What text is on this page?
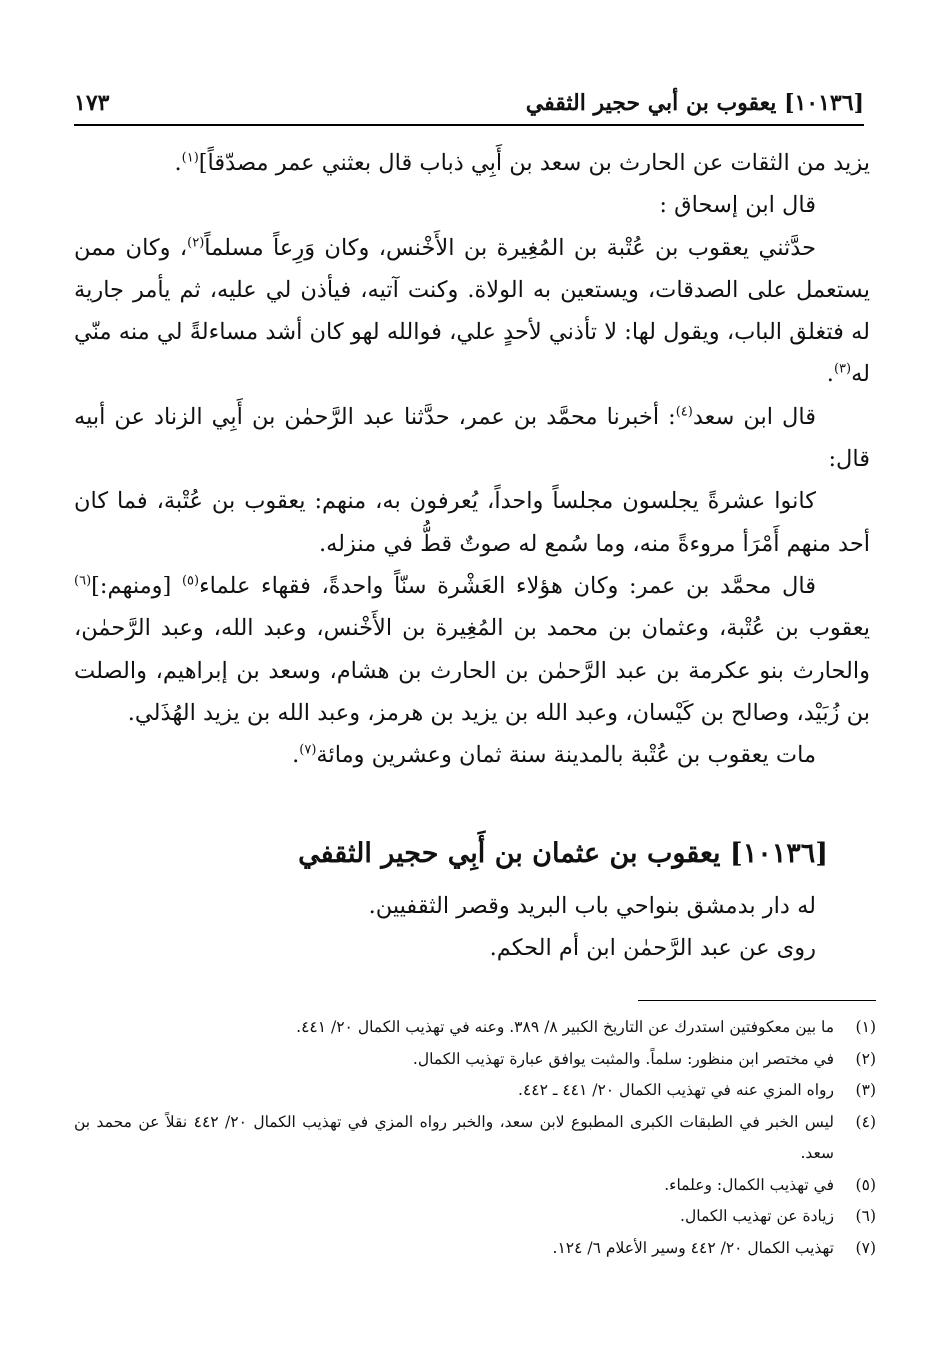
[١٠١٣٦] يعقوب بن أبي حجير الثقفي
١٧٣

يزيد من الثقات عن الحارث بن سعد بن أَبِي ذباب قال بعثني عمر مصدّقاً]$^{(١)}$.

قال ابن إسحاق :

حدَّثني يعقوب بن عُتْبة بن المُغِيرة بن الأَخْنس، وكان وَرِعاً مسلماً$^{(٢)}$، وكان ممن يستعمل على الصدقات، ويستعين به الولاة. وكنت آتيه، فيأذن لي عليه، ثم يأمر جارية له فتغلق الباب، ويقول لها: لا تأذني لأحدٍ علي، فوالله لهو كان أشد مساءلةً لي منه منّي له$^{(٣)}$.

قال ابن سعد$^{(٤)}$: أخبرنا محمَّد بن عمر، حدَّثنا عبد الرَّحمٰن بن أَبِي الزناد عن أبيه قال:

كانوا عشرةً يجلسون مجلساً واحداً، يُعرفون به، منهم: يعقوب بن عُتْبة، فما كان أحد منهم أَمْرَأ مروءةً منه، وما سُمع له صوتٌ قطُّ في منزله.

قال محمَّد بن عمر: وكان هؤلاء العَشْرة سنّاً واحدةً، فقهاء علماء$^{(٥)}$ [ومنهم:]$^{(٦)}$ يعقوب بن عُتْبة، وعثمان بن محمد بن المُغِيرة بن الأَخْنس، وعبد الله، وعبد الرَّحمٰن، والحارث بنو عكرمة بن عبد الرَّحمٰن بن الحارث بن هشام، وسعد بن إبراهيم، والصلت بن زُبَيْد، وصالح بن كَيْسان، وعبد الله بن يزيد بن هرمز، وعبد الله بن يزيد الهُذَلي.

مات يعقوب بن عُتْبة بالمدينة سنة ثمان وعشرين ومائة$^{(٧)}$.

[١٠١٣٦] يعقوب بن عثمان بن أَبِي حجير الثقفي

له دار بدمشق بنواحي باب البريد وقصر الثقفيين.

روى عن عبد الرَّحمٰن ابن أم الحكم.

(١)
ما بين معكوفتين استدرك عن التاريخ الكبير ٨/ ٣٨٩. وعنه في تهذيب الكمال ٢٠/ ٤٤١.
(٢)
في مختصر ابن منظور: سلماً. والمثبت يوافق عبارة تهذيب الكمال.
(٣)
رواه المزي عنه في تهذيب الكمال ٢٠/ ٤٤١ ـ ٤٤٢.
(٤)
ليس الخبر في الطبقات الكبرى المطبوع لابن سعد، والخبر رواه المزي في تهذيب الكمال ٢٠/ ٤٤٢ نقلاً عن محمد بن سعد.
(٥)
في تهذيب الكمال: وعلماء.
(٦)
زيادة عن تهذيب الكمال.
(٧)
تهذيب الكمال ٢٠/ ٤٤٢ وسير الأعلام ٦/ ١٢٤.
